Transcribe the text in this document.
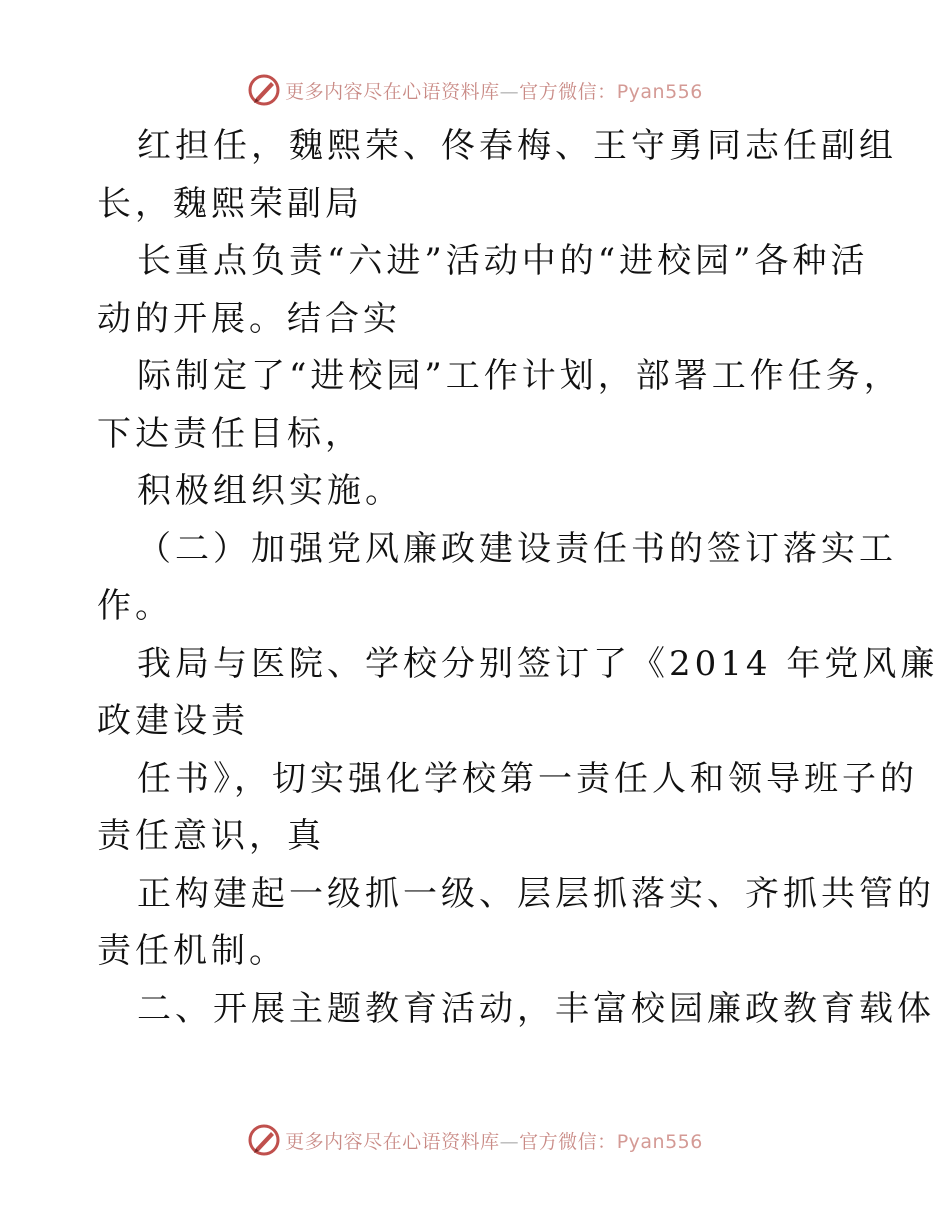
更多内容尽在心语资料库—官方微信：Pyan556
红担任，魏熙荣、佟春梅、王守勇同志任副组
长，魏熙荣副局
长重点负责“六进”活动中的“进校园”各种活
动的开展。结合实
际制定了“进校园”工作计划，部署工作任务，
下达责任目标，
积极组织实施。
（二）加强党风廉政建设责任书的签订落实工
作。
我局与医院、学校分别签订了《2014 年党风廉
政建设责
任书》，切实强化学校第一责任人和领导班子的
责任意识，真
正构建起一级抓一级、层层抓落实、齐抓共管的
责任机制。
二、开展主题教育活动，丰富校园廉政教育载体
更多内容尽在心语资料库—官方微信：Pyan556
